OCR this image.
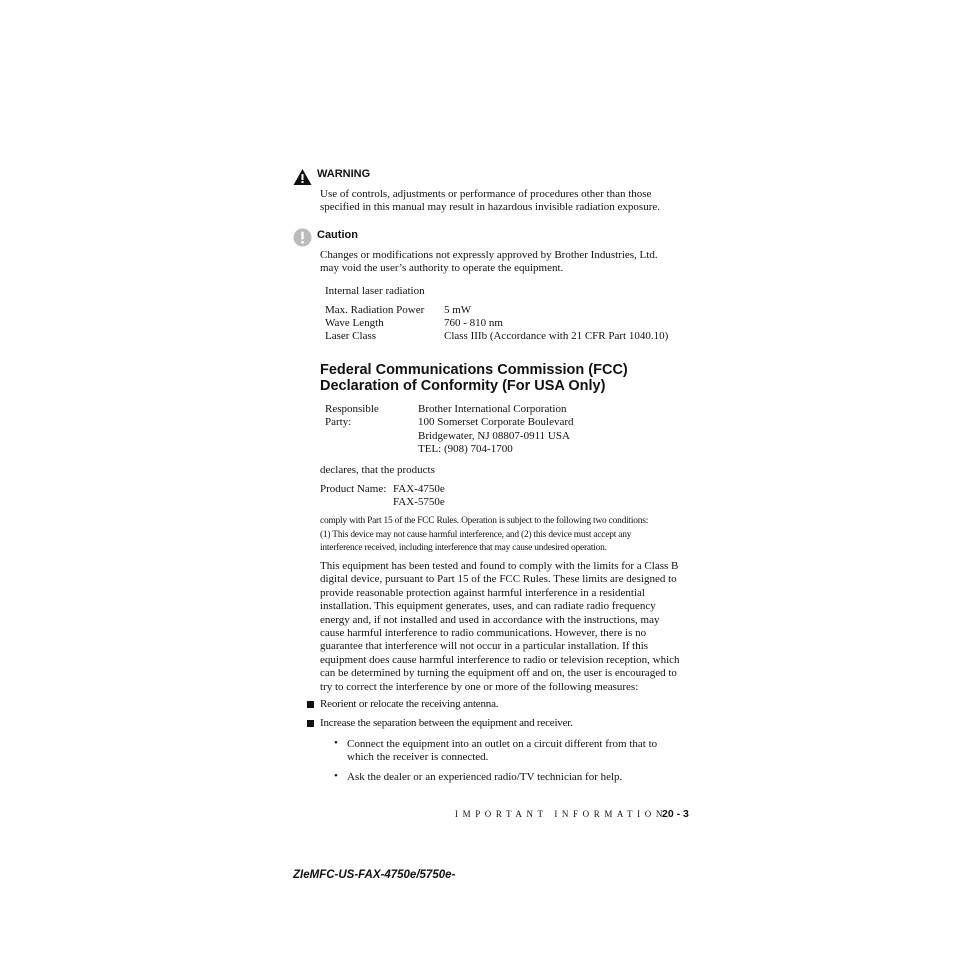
WARNING
Use of controls, adjustments or performance of procedures other than those
specified in this manual may result in hazardous invisible radiation exposure.
Caution
Changes or modifications not expressly approved by Brother Industries, Ltd.
may void the user’s authority to operate the equipment.
Internal laser radiation
Max. Radiation Power 5 mW
Wave Length	760 - 810 nm
Laser Class	Class IIIb (Accordance with 21 CFR Part 1040.10)
Federal Communications Commission (FCC)
Declaration of Conformity (For USA Only)
Responsible
Party:
Brother International Corporation
100 Somerset Corporate Boulevard
Bridgewater, NJ 08807-0911 USA
TEL: (908) 704-1700
declares, that the products
Product Name: FAX-4750e
FAX-5750e
comply with Part 15 of the FCC Rules. Operation is subject to the following two conditions:
(1) This device may not cause harmful interference, and (2) this device must accept any
interference received, including interference that may cause undesired operation.
This equipment has been tested and found to comply with the limits for a Class B
digital device, pursuant to Part 15 of the FCC Rules. These limits are designed to
provide reasonable protection against harmful interference in a residential
installation. This equipment generates, uses, and can radiate radio frequency
energy and, if not installed and used in accordance with the instructions, may
cause harmful interference to radio communications. However, there is no
guarantee that interference will not occur in a particular installation. If this
equipment does cause harmful interference to radio or television reception, which
can be determined by turning the equipment off and on, the user is encouraged to
try to correct the interference by one or more of the following measures:
Reorient or relocate the receiving antenna.
Increase the separation between the equipment and receiver.
• Connect the equipment into an outlet on a circuit different from that to
which the receiver is connected.
• Ask the dealer or an experienced radio/TV technician for help.
IMPORTANT INFORMATION
20 - 3
ZIeMFC-US-FAX-4750e/5750e-
